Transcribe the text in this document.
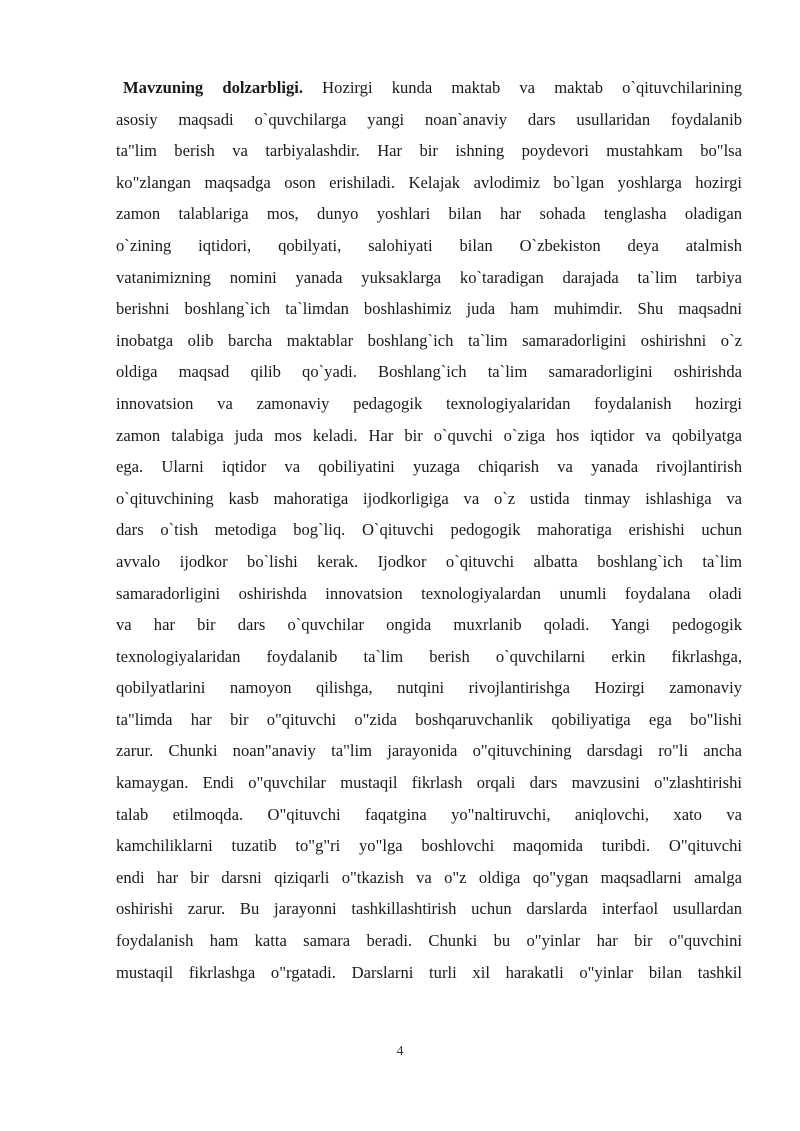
Mavzuning dolzarbligi. Hozirgi kunda maktab va maktab o`qituvchilarining
asosiy maqsadi o`quvchilarga yangi noan`anaviy dars usullaridan foydalanib
ta"lim berish va tarbiyalashdir. Har bir ishning poydevori mustahkam bo"lsa
ko"zlangan maqsadga oson erishiladi. Kelajak avlodimiz bo`lgan yoshlarga hozirgi
zamon talablariga mos, dunyo yoshlari bilan har sohada tenglasha oladigan
o`zining iqtidori, qobilyati, salohiyati bilan O`zbekiston deya atalmish
vatanimizning nomini yanada yuksaklarga ko`taradigan darajada ta`lim tarbiya
berishni boshlang`ich ta`limdan boshlashimiz juda ham muhimdir. Shu maqsadni
inobatga olib barcha maktablar boshlang`ich ta`lim samaradorligini oshirishni o`z
oldiga maqsad qilib qo`yadi. Boshlang`ich ta`lim samaradorligini oshirishda
innovatsion va zamonaviy pedagogik texnologiyalaridan foydalanish hozirgi
zamon talabiga juda mos keladi. Har bir o`quvchi o`ziga hos iqtidor va qobilyatga
ega. Ularni iqtidor va qobiliyatini yuzaga chiqarish va yanada rivojlantirish
o`qituvchining kasb mahoratiga ijodkorligiga va o`z ustida tinmay ishlashiga va
dars o`tish metodiga bog`liq. O`qituvchi pedogogik mahoratiga erishishi uchun
avvalo ijodkor bo`lishi kerak. Ijodkor o`qituvchi albatta boshlang`ich ta`lim
samaradorligini oshirishda innovatsion texnologiyalardan unumli foydalana oladi
va har bir dars o`quvchilar ongida muxrlanib qoladi. Yangi pedogogik
texnologiyalaridan foydalanib ta`lim berish o`quvchilarni erkin fikrlashga,
qobilyatlarini namoyon qilishga, nutqini rivojlantirishga Hozirgi zamonaviy
ta"limda har bir o"qituvchi o"zida boshqaruvchanlik qobiliyatiga ega bo"lishi
zarur. Chunki noan"anaviy ta"lim jarayonida o"qituvchining darsdagi ro"li ancha
kamaygan. Endi o"quvchilar mustaqil fikrlash orqali dars mavzusini o"zlashtirishi
talab etilmoqda. O"qituvchi faqatgina yo"naltiruvchi, aniqlovchi, xato va
kamchiliklarni tuzatib to"g"ri yo"lga boshlovchi maqomida turibdi. O"qituvchi
endi har bir darsni qiziqarli o"tkazish va o"z oldiga qo"ygan maqsadlarni amalga
oshirishi zarur. Bu jarayonni tashkillashtirish uchun darslarda interfaol usullardan
foydalanish ham katta samara beradi. Chunki bu o"yinlar har bir o"quvchini
mustaqil fikrlashga o"rgatadi. Darslarni turli xil harakatli o"yinlar bilan tashkil
4
